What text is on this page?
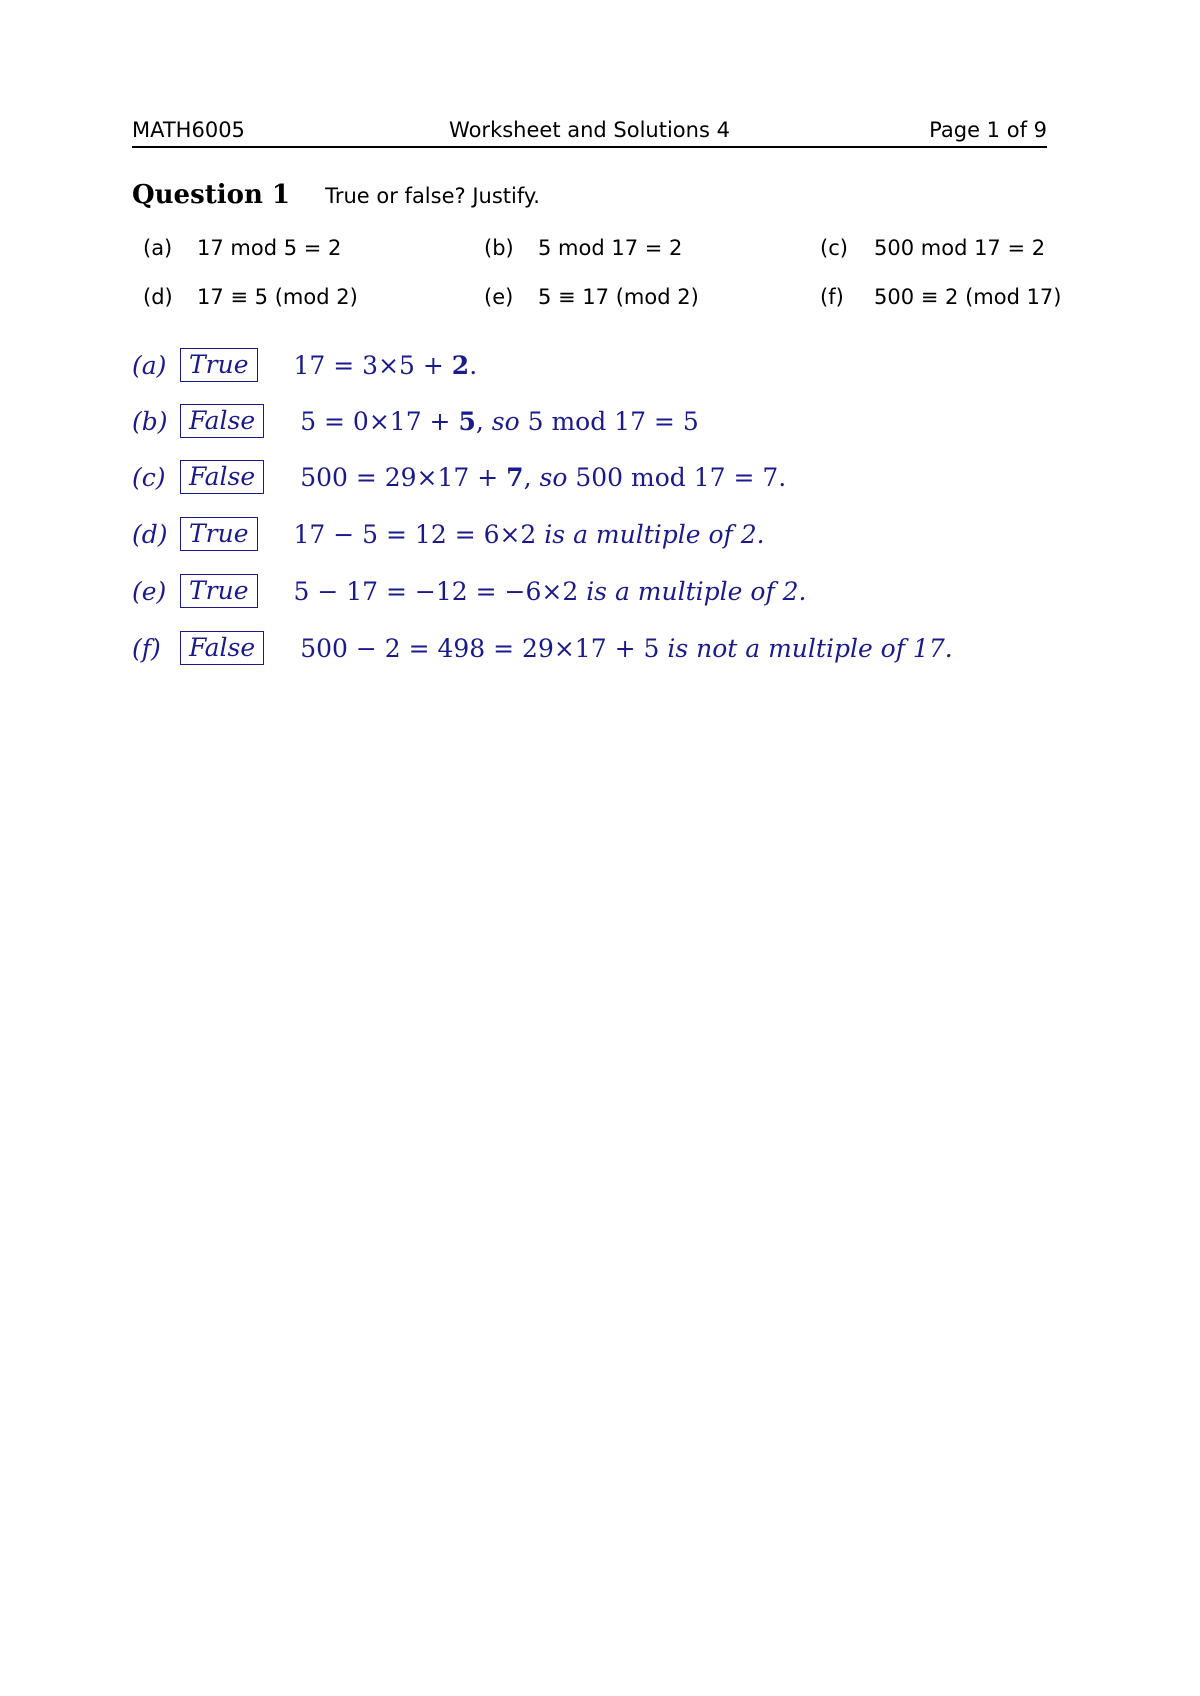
MATH6005	Worksheet and Solutions 4	Page 1 of 9
Question 1 True or false? Justify.
(a) 17 mod 5 = 2	(b) 5 mod 17 = 2	(c) 500 mod 17 = 2
(d) 17 ≡ 5 (mod 2)	(e) 5 ≡ 17 (mod 2)	(f) 500 ≡ 2 (mod 17)
(a) True	17 = 3×5 + 2.
(b) False	5 = 0×17 + 5, so 5 mod 17 = 5
(c) False	500 = 29×17 + 7, so 500 mod 17 = 7.
(d) True	17 − 5 = 12 = 6×2 is a multiple of 2.
(e) True	5 − 17 = −12 = −6×2 is a multiple of 2.
(f)	False	500 − 2 = 498 = 29×17 + 5 is not a multiple of 17.
